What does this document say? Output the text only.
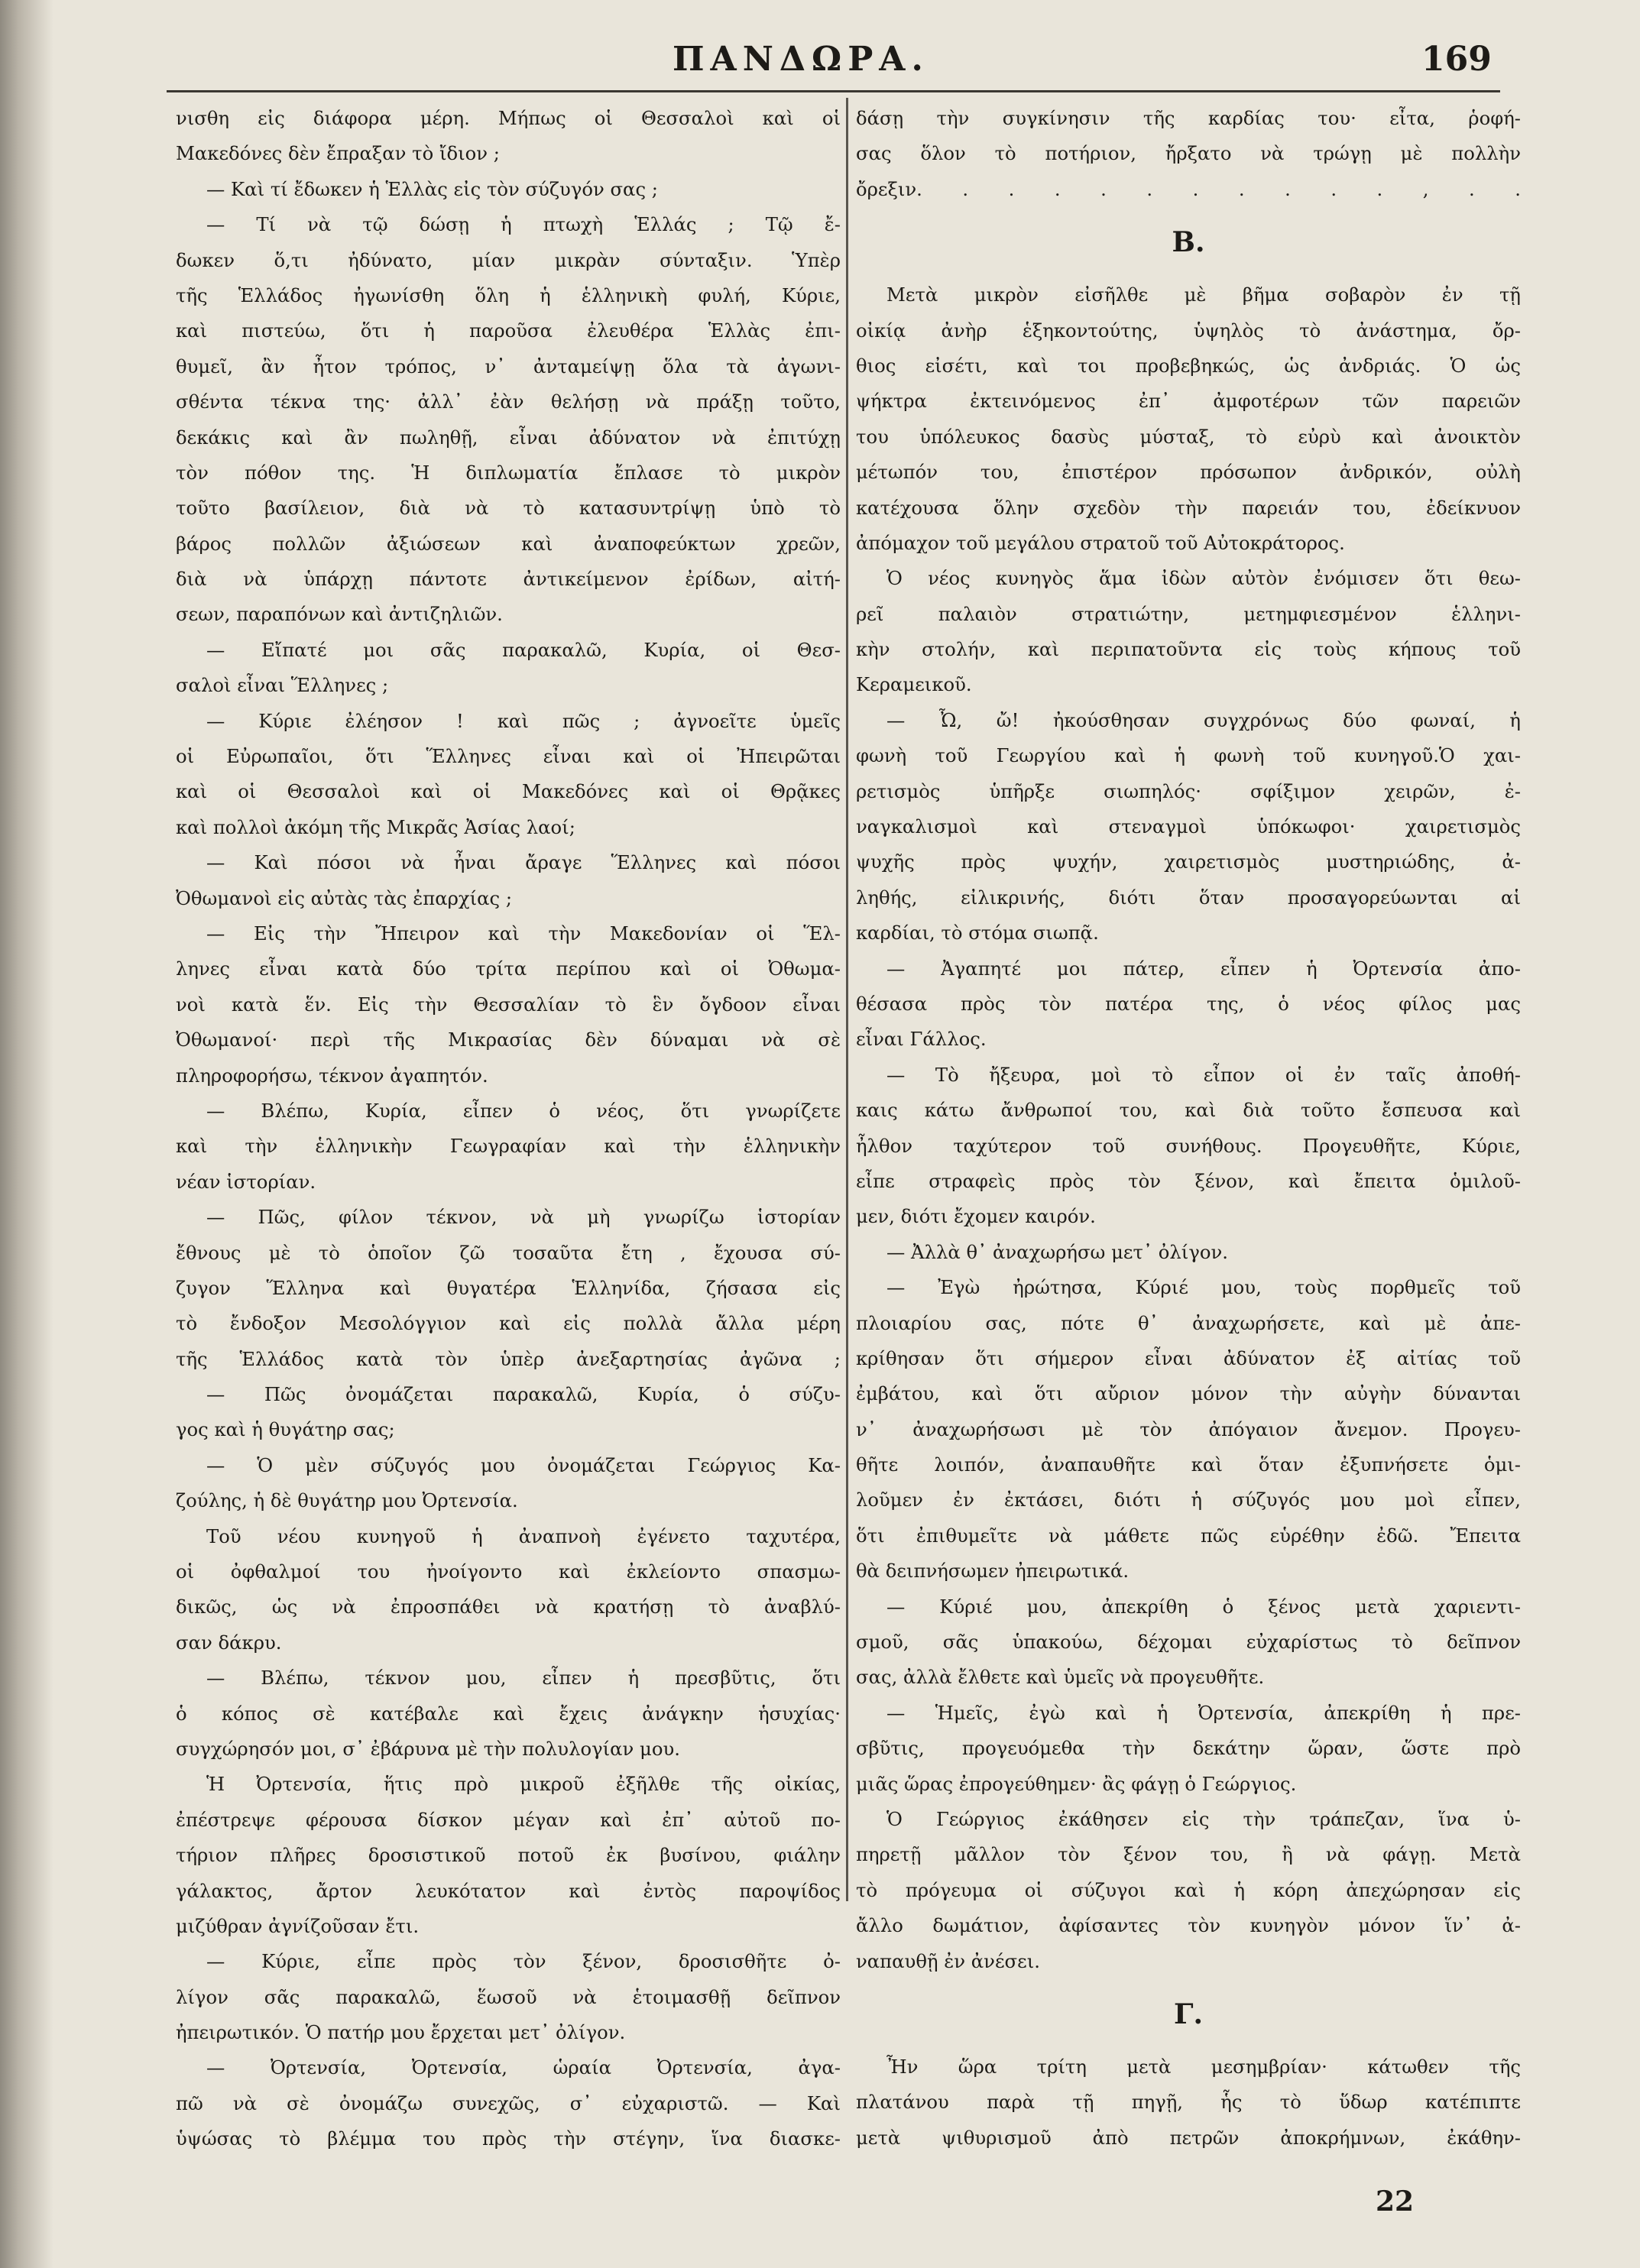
ΠΑΝΔΩΡΑ.	169
νισθη εἰς διάφορα μέρη. Μήπως οἱ Θεσσαλοὶ καὶ οἱ
Μακεδόνες δὲν ἔπραξαν τὸ ἴδιον ;
— Καὶ τί ἔδωκεν ἡ Ἑλλὰς εἰς τὸν σύζυγόν σας ;
— Τί νὰ τῷ δώσῃ ἡ πτωχὴ Ἑλλάς ; Τῷ ἔ-
δωκεν ὅ,τι ἠδύνατο, μίαν μικρὰν σύνταξιν. Ὑπὲρ
τῆς Ἑλλάδος ἠγωνίσθη ὅλη ἡ ἑλληνικὴ φυλή, Κύριε,
καὶ πιστεύω, ὅτι ἡ παροῦσα ἐλευθέρα Ἑλλὰς ἐπι-
θυμεῖ, ἂν ἦτον τρόπος, ν᾽ ἀνταμείψῃ ὅλα τὰ ἀγωνι-
σθέντα τέκνα της· ἀλλ᾽ ἐὰν θελήσῃ νὰ πράξῃ τοῦτο,
δεκάκις καὶ ἂν πωληθῇ, εἶναι ἀδύνατον νὰ ἐπιτύχῃ
τὸν πόθον της. Ἡ διπλωματία ἔπλασε τὸ μικρὸν
τοῦτο βασίλειον, διὰ νὰ τὸ κατασυντρίψῃ ὑπὸ τὸ
βάρος πολλῶν ἀξιώσεων καὶ ἀναποφεύκτων χρεῶν,
διὰ νὰ ὑπάρχῃ πάντοτε ἀντικείμενον ἐρίδων, αἰτή-
σεων, παραπόνων καὶ ἀντιζηλιῶν.
— Εἴπατέ μοι σᾶς παρακαλῶ, Κυρία, οἱ Θεσ-
σαλοὶ εἶναι Ἕλληνες ;
— Κύριε ἐλέησον ! καὶ πῶς ; ἀγνοεῖτε ὑμεῖς
οἱ Εὐρωπαῖοι, ὅτι Ἕλληνες εἶναι καὶ οἱ Ἠπειρῶται
καὶ οἱ Θεσσαλοὶ καὶ οἱ Μακεδόνες καὶ οἱ Θρᾷκες
καὶ πολλοὶ ἀκόμη τῆς Μικρᾶς Ἀσίας λαοί;
— Καὶ πόσοι νὰ ἦναι ἄραγε Ἕλληνες καὶ πόσοι
Ὀθωμανοὶ εἰς αὐτὰς τὰς ἐπαρχίας ;
— Εἰς τὴν Ἤπειρον καὶ τὴν Μακεδονίαν οἱ Ἕλ-
ληνες εἶναι κατὰ δύο τρίτα περίπου καὶ οἱ Ὀθωμα-
νοὶ κατὰ ἕν. Εἰς τὴν Θεσσαλίαν τὸ ἓν ὄγδοον εἶναι
Ὀθωμανοί· περὶ τῆς Μικρασίας δὲν δύναμαι νὰ σὲ
πληροφορήσω, τέκνον ἀγαπητόν.
— Βλέπω, Κυρία, εἶπεν ὁ νέος, ὅτι γνωρίζετε
καὶ τὴν ἑλληνικὴν Γεωγραφίαν καὶ τὴν ἑλληνικὴν
νέαν ἱστορίαν.
— Πῶς, φίλον τέκνον, νὰ μὴ γνωρίζω ἱστορίαν
ἔθνους μὲ τὸ ὁποῖον ζῶ τοσαῦτα ἔτη , ἔχουσα σύ-
ζυγον Ἕλληνα καὶ θυγατέρα Ἑλληνίδα, ζήσασα εἰς
τὸ ἔνδοξον Μεσολόγγιον καὶ εἰς πολλὰ ἄλλα μέρη
τῆς Ἑλλάδος κατὰ τὸν ὑπὲρ ἀνεξαρτησίας ἀγῶνα ;
— Πῶς ὀνομάζεται παρακαλῶ, Κυρία, ὁ σύζυ-
γος καὶ ἡ θυγάτηρ σας;
— Ὁ μὲν σύζυγός μου ὀνομάζεται Γεώργιος Κα-
ζούλης, ἡ δὲ θυγάτηρ μου Ὀρτενσία.
Τοῦ νέου κυνηγοῦ ἡ ἀναπνοὴ ἐγένετο ταχυτέρα,
οἱ ὀφθαλμοί του ἠνοίγοντο καὶ ἐκλείοντο σπασμω-
δικῶς, ὡς νὰ ἐπροσπάθει νὰ κρατήσῃ τὸ ἀναβλύ-
σαν δάκρυ.
— Βλέπω, τέκνον μου, εἶπεν ἡ πρεσβῦτις, ὅτι
ὁ κόπος σὲ κατέβαλε καὶ ἔχεις ἀνάγκην ἡσυχίας·
συγχώρησόν μοι, σ᾽ ἐβάρυνα μὲ τὴν πολυλογίαν μου.
Ἡ Ὀρτενσία, ἥτις πρὸ μικροῦ ἐξῆλθε τῆς οἰκίας,
ἐπέστρεψε φέρουσα δίσκον μέγαν καὶ ἐπ᾽ αὐτοῦ πο-
τήριον πλῆρες δροσιστικοῦ ποτοῦ ἐκ βυσίνου, φιάλην
γάλακτος, ἄρτον λευκότατον καὶ ἐντὸς παροψίδος
μιζύθραν ἀγνίζοῦσαν ἔτι.
— Κύριε, εἶπε πρὸς τὸν ξένον, δροσισθῆτε ὀ-
λίγον σᾶς παρακαλῶ, ἕωσοῦ νὰ ἑτοιμασθῇ δεῖπνον
ἠπειρωτικόν. Ὁ πατήρ μου ἔρχεται μετ᾽ ὀλίγον.
— Ὀρτενσία, Ὀρτενσία, ὡραία Ὀρτενσία, ἀγα-
πῶ νὰ σὲ ὀνομάζω συνεχῶς, σ᾽ εὐχαριστῶ. — Καὶ
ὑψώσας τὸ βλέμμα του πρὸς τὴν στέγην, ἵνα διασκε-
δάσῃ τὴν συγκίνησιν τῆς καρδίας του· εἶτα, ῥοφή-
σας ὅλον τὸ ποτήριον, ἤρξατο νὰ τρώγῃ μὲ πολλὴν
ὄρεξιν. . . . . . . . . . . , . .
Β.
Μετὰ μικρὸν εἰσῆλθε μὲ βῆμα σοβαρὸν ἐν τῇ
οἰκίᾳ ἀνὴρ ἑξηκοντούτης, ὑψηλὸς τὸ ἀνάστημα, ὄρ-
θιος εἰσέτι, καὶ τοι προβεβηκώς, ὡς ἀνδριάς. Ὁ ὡς
ψήκτρα ἐκτεινόμενος ἐπ᾽ ἀμφοτέρων τῶν παρειῶν
του ὑπόλευκος δασὺς μύσταξ, τὸ εὐρὺ καὶ ἀνοικτὸν
μέτωπόν του, ἐπιστέρον πρόσωπον ἀνδρικόν, οὐλὴ
κατέχουσα ὅλην σχεδὸν τὴν παρειάν του, ἐδείκνυον
ἀπόμαχον τοῦ μεγάλου στρατοῦ τοῦ Αὐτοκράτορος.
Ὁ νέος κυνηγὸς ἅμα ἰδὼν αὐτὸν ἐνόμισεν ὅτι θεω-
ρεῖ παλαιὸν στρατιώτην, μετημφιεσμένον ἑλληνι-
κὴν στολήν, καὶ περιπατοῦντα εἰς τοὺς κήπους τοῦ
Κεραμεικοῦ.
— Ὦ, ὤ! ἠκούσθησαν συγχρόνως δύο φωναί, ἡ
φωνὴ τοῦ Γεωργίου καὶ ἡ φωνὴ τοῦ κυνηγοῦ.Ὁ χαι-
ρετισμὸς ὑπῆρξε σιωπηλός· σφίξιμον χειρῶν, ἐ-
ναγκαλισμοὶ καὶ στεναγμοὶ ὑπόκωφοι· χαιρετισμὸς
ψυχῆς πρὸς ψυχήν, χαιρετισμὸς μυστηριώδης, ἀ-
ληθής, εἰλικρινής, διότι ὅταν προσαγορεύωνται αἱ
καρδίαι, τὸ στόμα σιωπᾷ.
— Ἀγαπητέ μοι πάτερ, εἶπεν ἡ Ὀρτενσία ἀπο-
θέσασα πρὸς τὸν πατέρα της, ὁ νέος φίλος μας
εἶναι Γάλλος.
— Τὸ ἤξευρα, μοὶ τὸ εἶπον οἱ ἐν ταῖς ἀποθή-
καις κάτω ἄνθρωποί του, καὶ διὰ τοῦτο ἔσπευσα καὶ
ἦλθον ταχύτερον τοῦ συνήθους. Προγευθῆτε, Κύριε,
εἶπε στραφεὶς πρὸς τὸν ξένον, καὶ ἔπειτα ὁμιλοῦ-
μεν, διότι ἔχομεν καιρόν.
— Ἀλλὰ θ᾽ ἀναχωρήσω μετ᾽ ὀλίγον.
— Ἐγὼ ἠρώτησα, Κύριέ μου, τοὺς πορθμεῖς τοῦ
πλοιαρίου σας, πότε θ᾽ ἀναχωρήσετε, καὶ μὲ ἀπε-
κρίθησαν ὅτι σήμερον εἶναι ἀδύνατον ἐξ αἰτίας τοῦ
ἐμβάτου, καὶ ὅτι αὔριον μόνον τὴν αὐγὴν δύνανται
ν᾽ ἀναχωρήσωσι μὲ τὸν ἀπόγαιον ἄνεμον. Προγευ-
θῆτε λοιπόν, ἀναπαυθῆτε καὶ ὅταν ἐξυπνήσετε ὁμι-
λοῦμεν ἐν ἐκτάσει, διότι ἡ σύζυγός μου μοὶ εἶπεν,
ὅτι ἐπιθυμεῖτε νὰ μάθετε πῶς εὑρέθην ἐδῶ. Ἔπειτα
θὰ δειπνήσωμεν ἠπειρωτικά.
— Κύριέ μου, ἀπεκρίθη ὁ ξένος μετὰ χαριεντι-
σμοῦ, σᾶς ὑπακούω, δέχομαι εὐχαρίστως τὸ δεῖπνον
σας, ἀλλὰ ἔλθετε καὶ ὑμεῖς νὰ προγευθῆτε.
— Ἡμεῖς, ἐγὼ καὶ ἡ Ὀρτενσία, ἀπεκρίθη ἡ πρε-
σβῦτις, προγευόμεθα τὴν δεκάτην ὥραν, ὥστε πρὸ
μιᾶς ὥρας ἐπρογεύθημεν· ἂς φάγῃ ὁ Γεώργιος.
Ὁ Γεώργιος ἐκάθησεν εἰς τὴν τράπεζαν, ἵνα ὑ-
πηρετῇ μᾶλλον τὸν ξένον του, ἢ νὰ φάγῃ. Μετὰ
τὸ πρόγευμα οἱ σύζυγοι καὶ ἡ κόρη ἀπεχώρησαν εἰς
ἄλλο δωμάτιον, ἀφίσαντες τὸν κυνηγὸν μόνον ἵν᾽ ἀ-
ναπαυθῇ ἐν ἀνέσει.
Γ.
Ἦν ὥρα τρίτη μετὰ μεσημβρίαν· κάτωθεν τῆς
πλατάνου παρὰ τῇ πηγῇ, ἧς τὸ ὕδωρ κατέπιπτε
μετὰ ψιθυρισμοῦ ἀπὸ πετρῶν ἀποκρήμνων, ἐκάθην-
22
